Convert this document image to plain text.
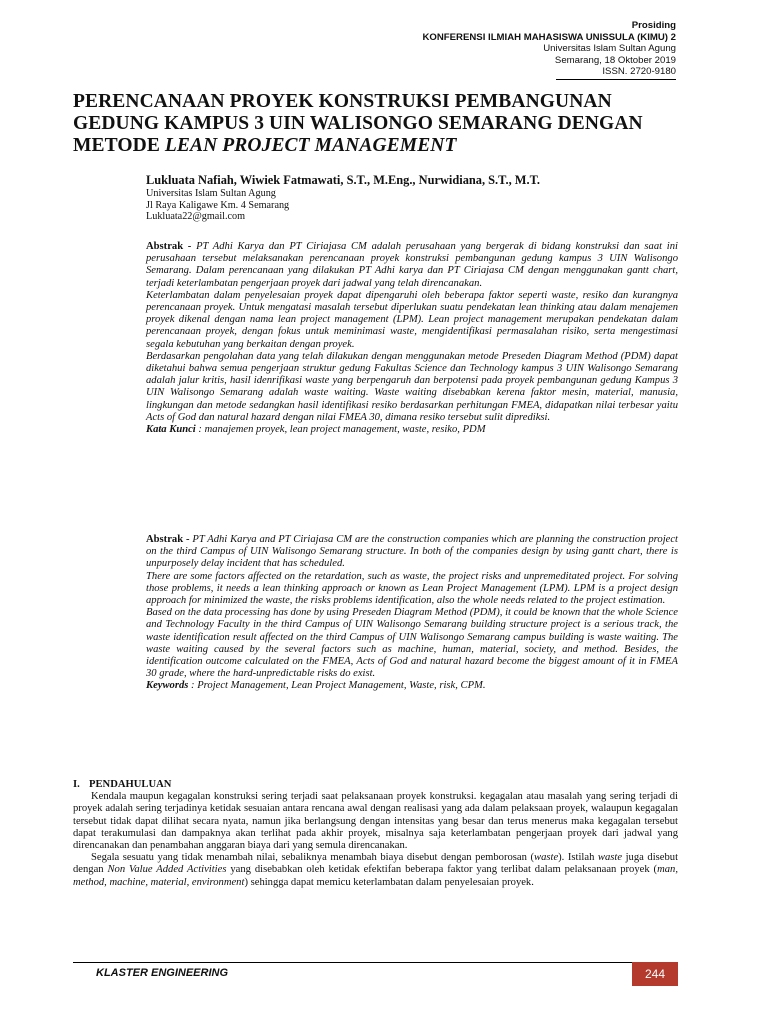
Prosiding
KONFERENSI ILMIAH MAHASISWA UNISSULA (KIMU) 2
Universitas Islam Sultan Agung
Semarang, 18 Oktober 2019
ISSN. 2720-9180
PERENCANAAN PROYEK KONSTRUKSI PEMBANGUNAN
GEDUNG KAMPUS 3 UIN WALISONGO SEMARANG DENGAN
METODE LEAN PROJECT MANAGEMENT
Lukluata Nafiah, Wiwiek Fatmawati, S.T., M.Eng., Nurwidiana, S.T., M.T.
Universitas Islam Sultan Agung
Jl Raya Kaligawe Km. 4 Semarang
Lukluata22@gmail.com

Abstrak - PT Adhi Karya dan PT Ciriajasa CM adalah perusahaan yang bergerak di bidang konstruksi dan saat ini perusahaan tersebut melaksanakan perencanaan proyek konstruksi pembangunan gedung kampus 3 UIN Walisongo Semarang. Dalam perencanaan yang dilakukan PT Adhi karya dan PT Ciriajasa CM dengan menggunakan gantt chart, terjadi keterlambatan pengerjaan proyek dari jadwal yang telah direncanakan.

Keterlambatan dalam penyelesaian proyek dapat dipengaruhi oleh beberapa faktor seperti waste, resiko dan kurangnya perencanaan proyek. Untuk mengatasi masalah tersebut diperlukan suatu pendekatan lean thinking atau dalam menajemen proyek dikenal dengan nama lean project management (LPM). Lean project management merupakan pendekatan dalam perencanaan proyek, dengan fokus untuk meminimasi waste, mengidentifikasi permasalahan risiko, serta mengestimasi segala kebutuhan yang berkaitan dengan proyek.

Berdasarkan pengolahan data yang telah dilakukan dengan menggunakan metode Preseden Diagram Method (PDM) dapat diketahui bahwa semua pengerjaan struktur gedung Fakultas Science dan Technology kampus 3 UIN Walisongo Semarang adalah jalur kritis, hasil idenrifikasi waste yang berpengaruh dan berpotensi pada proyek pembangunan gedung Kampus 3 UIN Walisongo Semarang adalah waste waiting. Waste waiting disebabkan kerena faktor mesin, material, manusia, lingkungan dan metode sedangkan hasil identifikasi resiko berdasarkan perhitungan FMEA, didapatkan nilai terbesar yaitu Acts of God dan natural hazard dengan nilai FMEA 30, dimana resiko tersebut sulit diprediksi.

Kata Kunci : manajemen proyek, lean project management, waste, resiko, PDM

Abstrak - PT Adhi Karya and PT Ciriajasa CM are the construction companies which are planning the construction project on the third Campus of UIN Walisongo Semarang structure. In both of the companies design by using gantt chart, there is unpurposely delay incident that has scheduled.

There are some factors affected on the retardation, such as waste, the project risks and unpremeditated project. For solving those problems, it needs a lean thinking approach or known as Lean Project Management (LPM). LPM is a project design approach for minimized the waste, the risks problems identification, also the whole needs related to the project estimation.

Based on the data processing has done by using Preseden Diagram Method (PDM), it could be known that the whole Science and Technology Faculty in the third Campus of UIN Walisongo Semarang building structure project is a serious track, the waste identification result affected on the third Campus of UIN Walisongo Semarang campus building is waste waiting. The waste waiting caused by the several factors such as machine, human, material, society, and method. Besides, the identification outcome calculated on the FMEA, Acts of God and natural hazard become the biggest amount of it in FMEA 30 grade, where the hard-unpredictable risks do exist.

Keywords : Project Management, Lean Project Management, Waste, risk, CPM.

I. PENDAHULUAN

Kendala maupun kegagalan konstruksi sering terjadi saat pelaksanaan proyek konstruksi. kegagalan atau masalah yang sering terjadi di proyek adalah sering terjadinya ketidak sesuaian antara rencana awal dengan realisasi yang ada dalam pelaksaan proyek, walaupun kegagalan tersebut tidak dapat dilihat secara nyata, namun jika berlangsung dengan intensitas yang besar dan terus menerus maka kegagalan tersebut dapat terakumulasi dan dampaknya akan terlihat pada akhir proyek, misalnya saja keterlambatan pengerjaan proyek dari jadwal yang direncanakan dan penambahan anggaran biaya dari yang semula direncanakan.

Segala sesuatu yang tidak menambah nilai, sebaliknya menambah biaya disebut dengan pemborosan (waste). Istilah waste juga disebut dengan Non Value Added Activities yang disebabkan oleh ketidak efektifan beberapa faktor yang terlibat dalam pelaksanaan proyek (man, method, machine, material, environment) sehingga dapat memicu keterlambatan dalam penyelesaian proyek.

KLASTER ENGINEERING	244
